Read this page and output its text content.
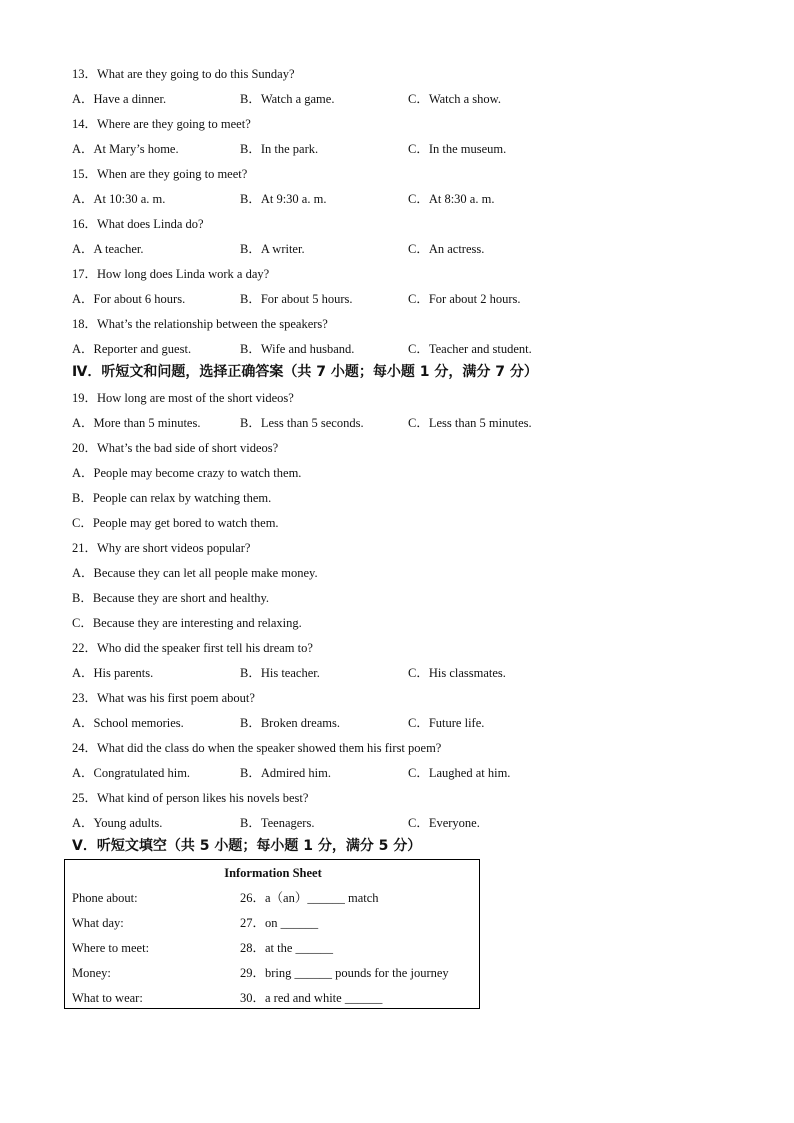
13．What are they going to do this Sunday?
A．Have a dinner.	B．Watch a game.	C．Watch a show.
14．Where are they going to meet?
A．At Mary’s home.	B．In the park.	C．In the museum.
15．When are they going to meet?
A．At 10:30 a. m.	B．At 9:30 a. m.	C．At 8:30 a. m.
16．What does Linda do?
A．A teacher.	B．A writer.	C．An actress.
17．How long does Linda work a day?
A．For about 6 hours.	B．For about 5 hours.	C．For about 2 hours.
18．What’s the relationship between the speakers?
A．Reporter and guest.	B．Wife and husband.	C．Teacher and student.
Ⅳ．听短文和问题，选择正确答案（共 7 小题；每小题 1 分，满分 7 分）
19．How long are most of the short videos?
A．More than 5 minutes.	B．Less than 5 seconds.	C．Less than 5 minutes.
20．What’s the bad side of short videos?
A．People may become crazy to watch them.
B．People can relax by watching them.
C．People may get bored to watch them.
21．Why are short videos popular?
A．Because they can let all people make money.
B．Because they are short and healthy.
C．Because they are interesting and relaxing.
22．Who did the speaker first tell his dream to?
A．His parents.	B．His teacher.	C．His classmates.
23．What was his first poem about?
A．School memories.	B．Broken dreams.	C．Future life.
24．What did the class do when the speaker showed them his first poem?
A．Congratulated him.	B．Admired him.	C．Laughed at him.
25．What kind of person likes his novels best?
A．Young adults.	B．Teenagers.	C．Everyone.
Ⅴ．听短文填空（共 5 小题；每小题 1 分，满分 5 分）
Information Sheet
Phone about:	26．a（an）______ match
What day:	27．on ______
Where to meet:	28．at the ______
Money:	29．bring ______ pounds for the journey
What to wear:	30．a red and white ______
